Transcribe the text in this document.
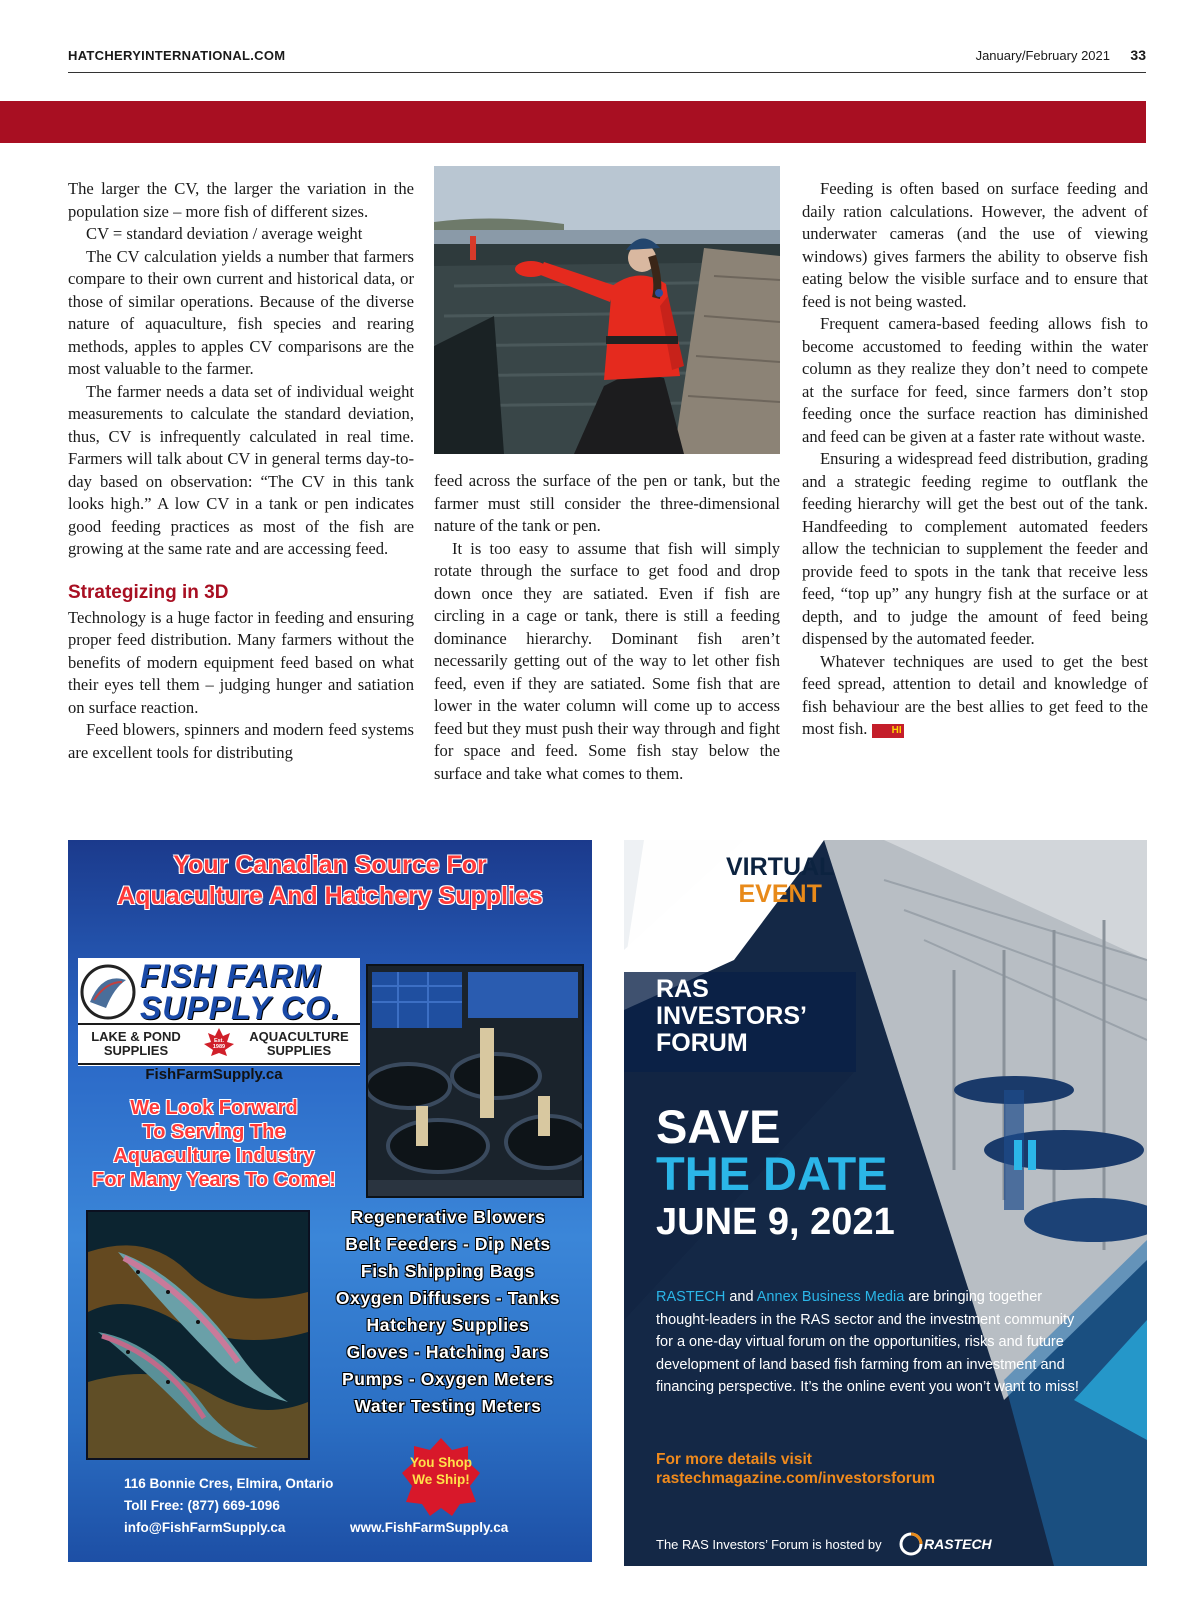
HATCHERYINTERNATIONAL.COM	January/February 2021 33

The larger the CV, the larger the variation in the population size – more fish of different sizes.

CV = standard deviation / average weight

The CV calculation yields a number that farmers compare to their own current and historical data, or those of similar operations. Because of the diverse nature of aquaculture, fish species and rearing methods, apples to apples CV comparisons are the most valuable to the farmer.

The farmer needs a data set of individual weight measurements to calculate the standard deviation, thus, CV is infrequently calculated in real time. Farmers will talk about CV in general terms day-to-day based on observation: “The CV in this tank looks high.” A low CV in a tank or pen indicates good feeding practices as most of the fish are growing at the same rate and are accessing feed.

Strategizing in 3D

Technology is a huge factor in feeding and ensuring proper feed distribution. Many farmers without the benefits of modern equipment feed based on what their eyes tell them – judging hunger and satiation on surface reaction.

Feed blowers, spinners and modern feed systems are excellent tools for distributing

feed across the surface of the pen or tank, but the farmer must still consider the three-dimensional nature of the tank or pen.

It is too easy to assume that fish will simply rotate through the surface to get food and drop down once they are satiated. Even if fish are circling in a cage or tank, there is still a feeding dominance hierarchy. Dominant fish aren’t necessarily getting out of the way to let other fish feed, even if they are satiated. Some fish that are lower in the water column will come up to access feed but they must push their way through and fight for space and feed. Some fish stay below the surface and take what comes to them.

Feeding is often based on surface feeding and daily ration calculations. However, the advent of underwater cameras (and the use of viewing windows) gives farmers the ability to observe fish eating below the visible surface and to ensure that feed is not being wasted.

Frequent camera-based feeding allows fish to become accustomed to feeding within the water column as they realize they don’t need to compete at the surface for feed, since farmers don’t stop feeding once the surface reaction has diminished and feed can be given at a faster rate without waste.

Ensuring a widespread feed distribution, grading and a strategic feeding regime to outflank the feeding hierarchy will get the best out of the tank. Handfeeding to complement automated feeders allow the technician to supplement the feeder and provide feed to spots in the tank that receive less feed, “top up” any hungry fish at the surface or at depth, and to judge the amount of feed being dispensed by the automated feeder.

Whatever techniques are used to get the best feed spread, attention to detail and knowledge of fish behaviour are the best allies to get feed to the most fish. HI

Your Canadian Source For
Aquaculture And Hatchery Supplies
FISH FARM
SUPPLY CO.
LAKE & POND
SUPPLIES
AQUACULTURE
SUPPLIES
Est.
1989
FishFarmSupply.ca
We Look Forward
To Serving The
Aquaculture Industry
For Many Years To Come!
Regenerative Blowers
Belt Feeders - Dip Nets
Fish Shipping Bags
Oxygen Diffusers - Tanks
Hatchery Supplies
Gloves - Hatching Jars
Pumps - Oxygen Meters
Water Testing Meters
You Shop
We Ship!
116 Bonnie Cres, Elmira, Ontario
Toll Free: (877) 669-1096
info@FishFarmSupply.ca	www.FishFarmSupply.ca
VIRTUAL
EVENT
RAS
INVESTORS’
FORUM
SAVE
THE DATE
JUNE 9, 2021
RASTECH and Annex Business Media are bringing together thought-leaders in the RAS sector and the investment community for a one-day virtual forum on the opportunities, risks and future development of land based fish farming from an investment and financing perspective. It’s the online event you won’t want to miss!
For more details visit
rastechmagazine.com/investorsforum
The RAS Investors’ Forum is hosted by	RASTECH
